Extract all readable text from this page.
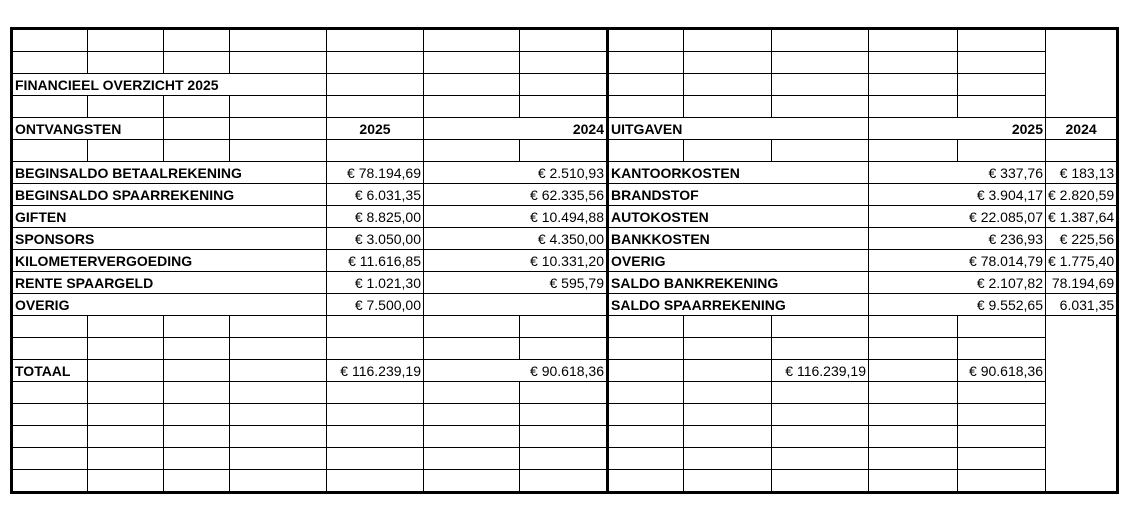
FINANCIEEL OVERZICHT 2025												

ONTVANGSTEN				2025	2024		UITGAVEN			2025		2024

BEGINSALDO BETAALREKENING				€ 78.194,69	€ 2.510,93		KANTOORKOSTEN			€ 337,76		€ 183,13
BEGINSALDO SPAARREKENING				€ 6.031,35	€ 62.335,56		BRANDSTOF			€ 3.904,17		€ 2.820,59
GIFTEN				€ 8.825,00	€ 10.494,88		AUTOKOSTEN			€ 22.085,07		€ 1.387,64
SPONSORS				€ 3.050,00	€ 4.350,00		BANKKOSTEN			€ 236,93		€ 225,56
KILOMETERVERGOEDING				€ 11.616,85	€ 10.331,20		OVERIG			€ 78.014,79		€ 1.775,40
RENTE SPAARGELD				€ 1.021,30	€ 595,79		SALDO BANKREKENING			€ 2.107,82		78.194,69
OVERIG				€ 7.500,00			SALDO SPAARREKENING			€ 9.552,65		6.031,35

TOTAAL				€ 116.239,19	€ 90.618,36				€ 116.239,19		€ 90.618,36	
